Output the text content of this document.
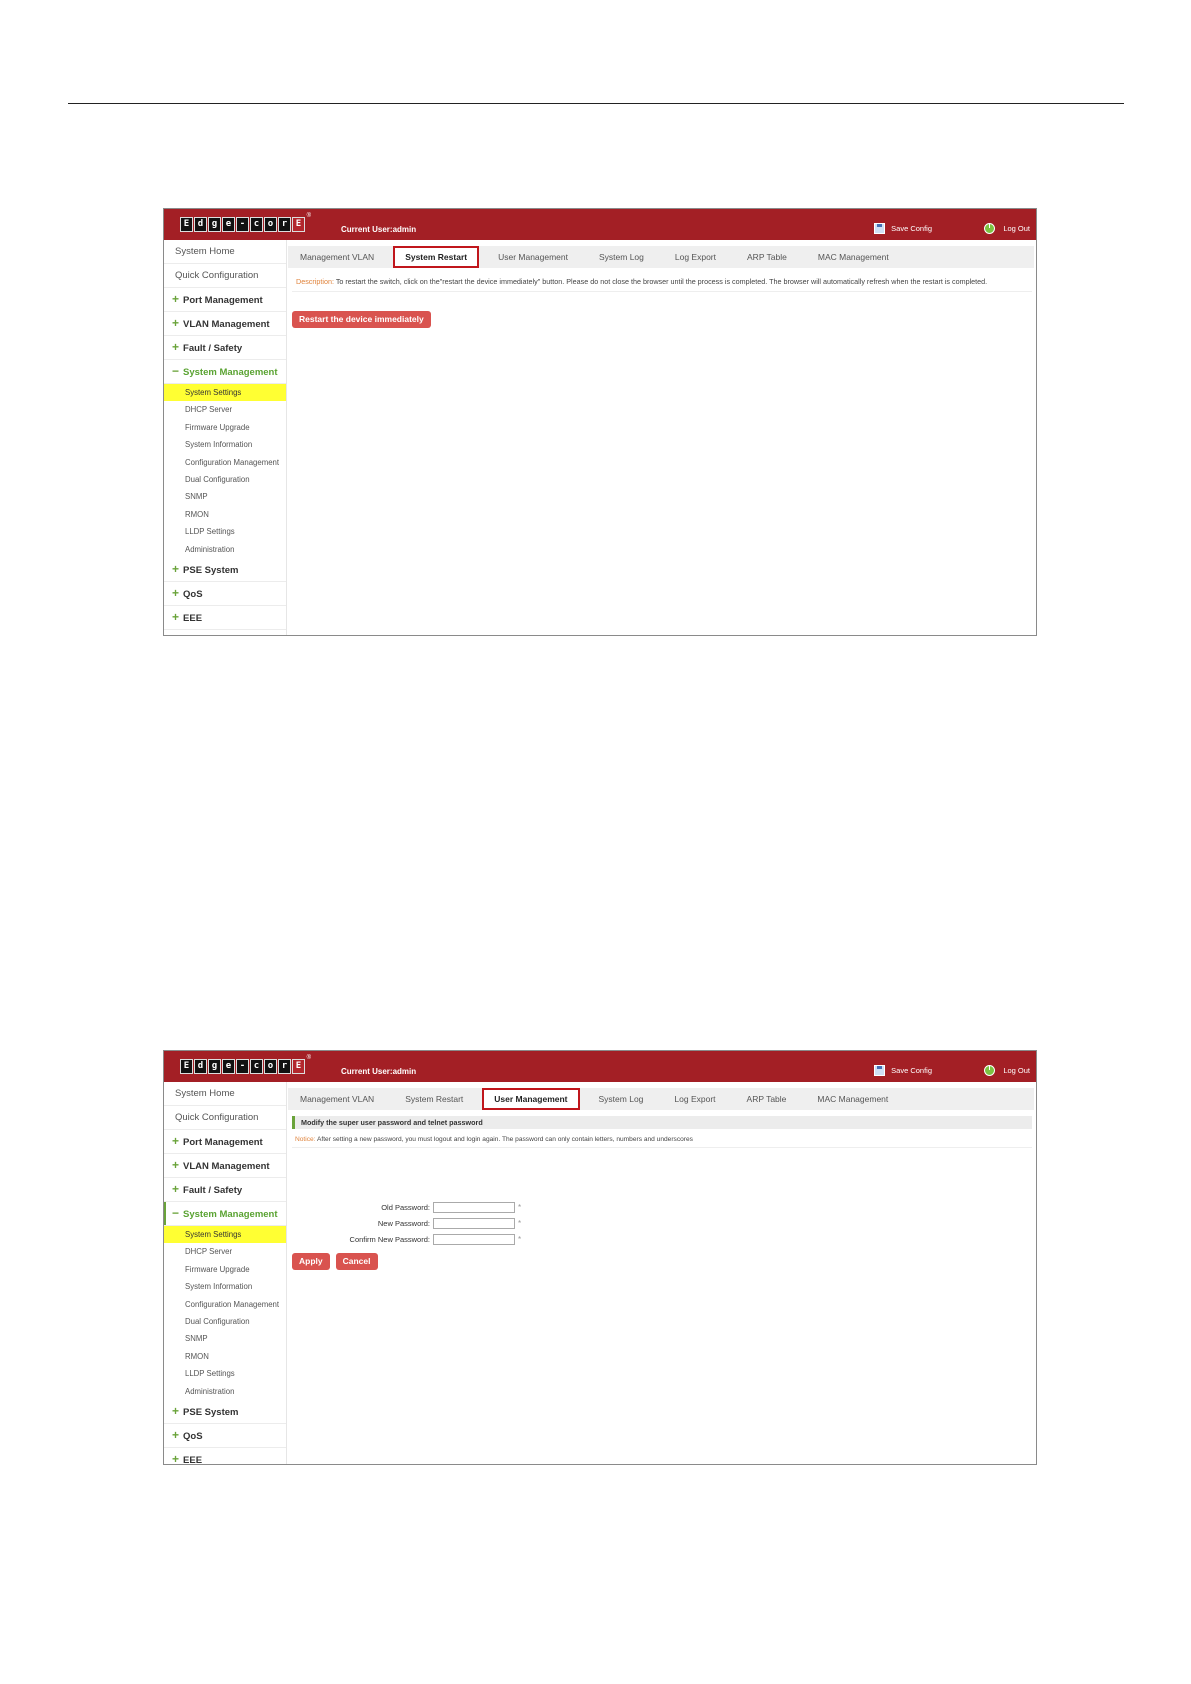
E d g e - c o r E
®
Current User:admin	Save Config	Log Out
System Home
Quick Configuration
+ Port Management
+ VLAN Management
+ Fault / Safety
− System Management
System Settings
DHCP Server
Firmware Upgrade
System Information
Configuration Management
Dual Configuration
SNMP
RMON
LLDP Settings
Administration
+ PSE System
+ QoS
+ EEE
Management VLAN	System Restart	User Management	System Log	Log Export	ARP Table	MAC Management
Description: To restart the switch, click on the"restart the device immediately" button. Please do not close the browser until the process is completed. The browser will automatically refresh when the restart is completed.
Restart the device immediately
E d g e - c o r E
®
Current User:admin	Save Config	Log Out
System Home
Quick Configuration
+ Port Management
+ VLAN Management
+ Fault / Safety
− System Management
System Settings
DHCP Server
Firmware Upgrade
System Information
Configuration Management
Dual Configuration
SNMP
RMON
LLDP Settings
Administration
+ PSE System
+ QoS
+ EEE
Management VLAN	System Restart	User Management	System Log	Log Export	ARP Table	MAC Management
Modify the super user password and telnet password
Notice: After setting a new password, you must logout and login again. The password can only contain letters, numbers and underscores
Old Password:	*
New Password:	*
Confirm New Password:	*
Apply	Cancel
